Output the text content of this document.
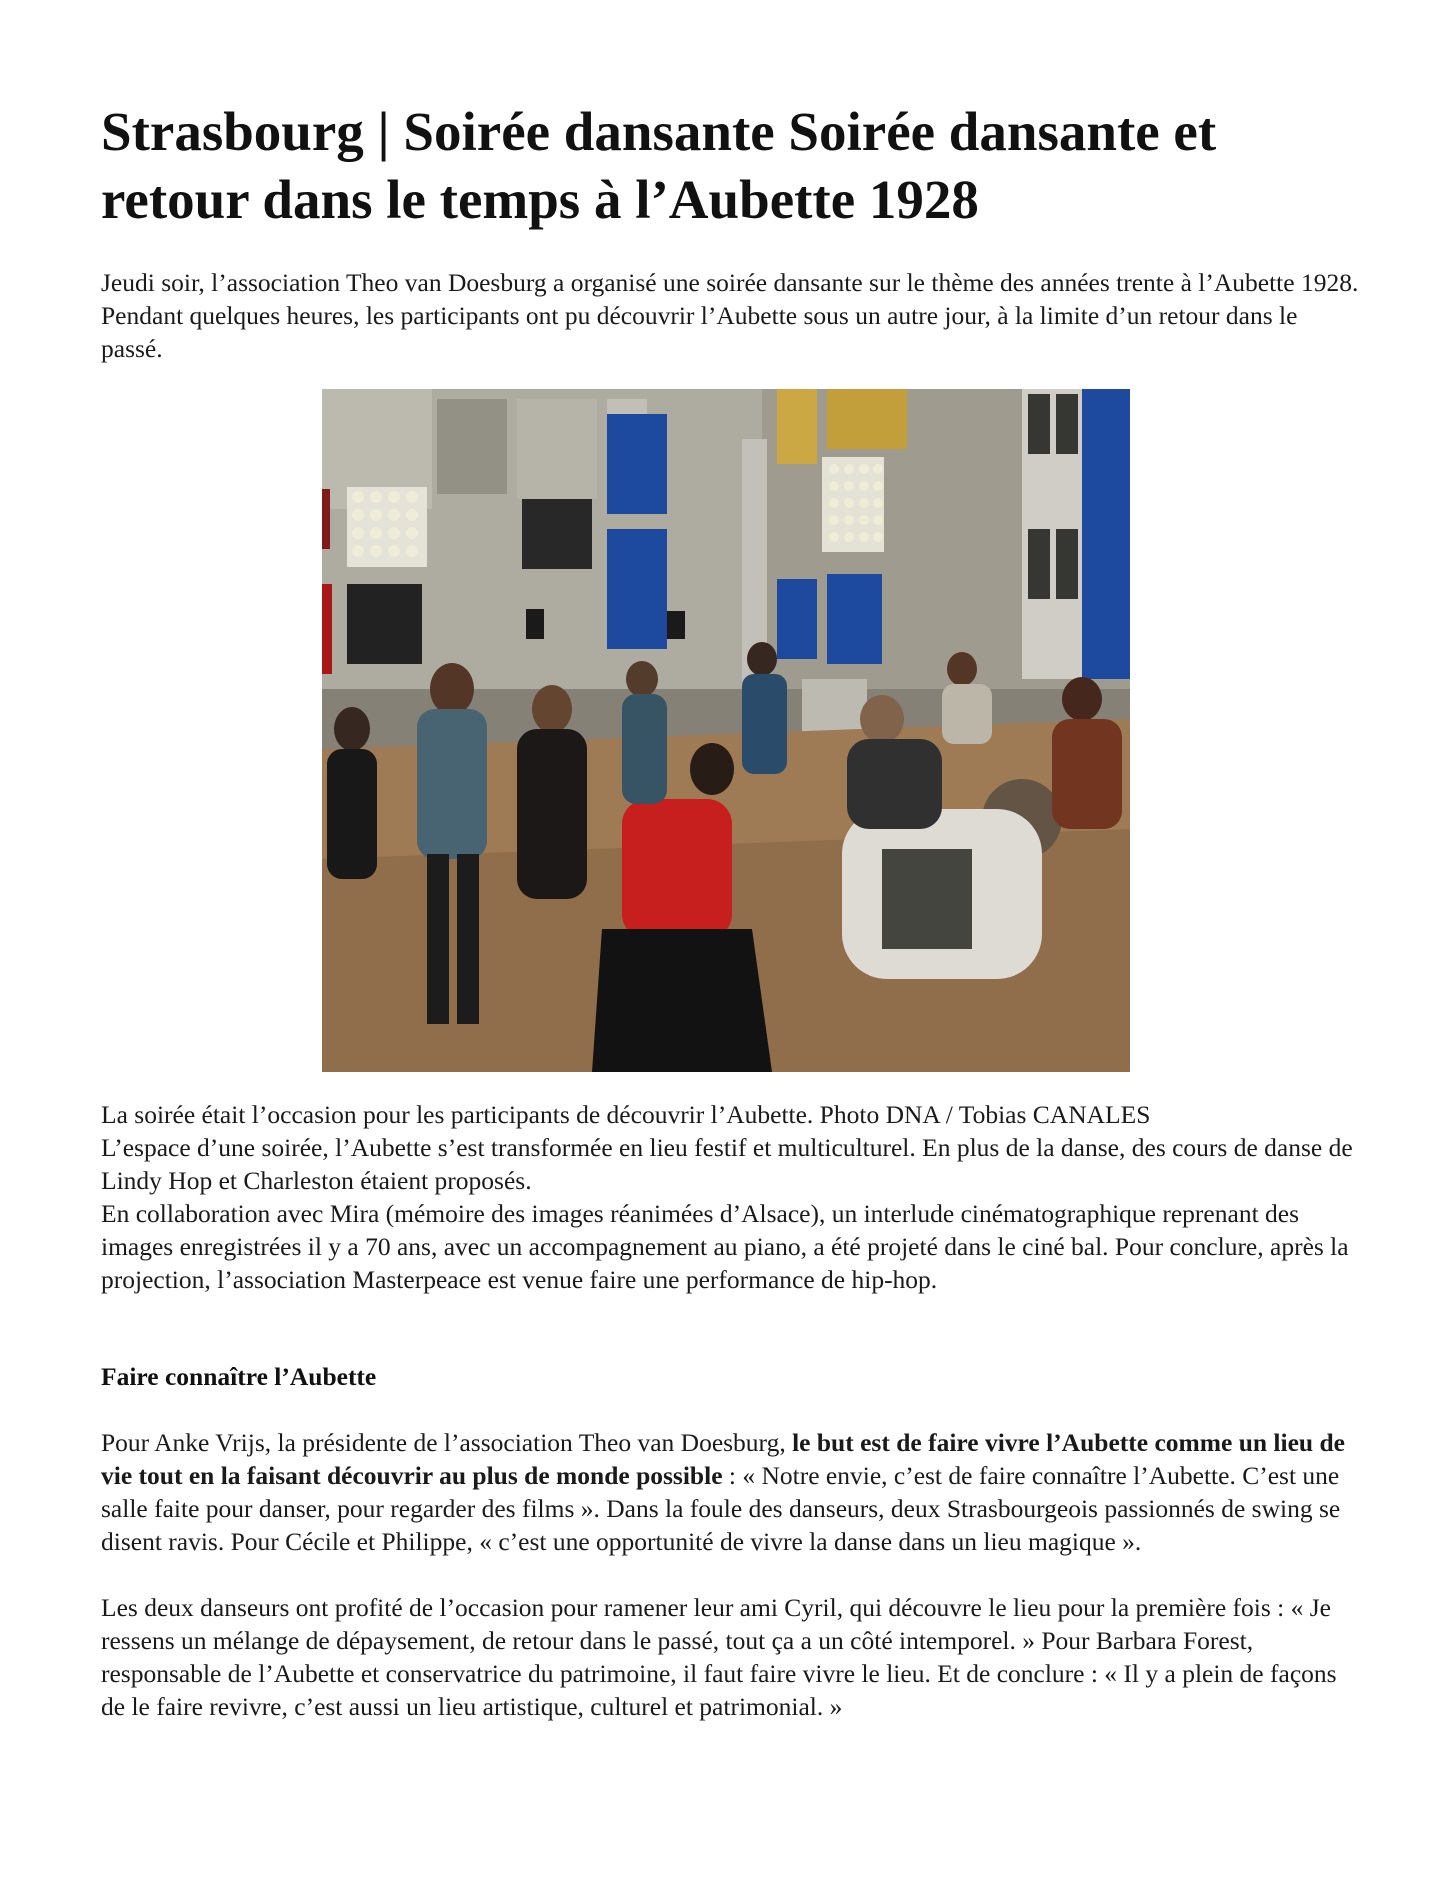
Strasbourg | Soirée dansante Soirée dansante et retour dans le temps à l’Aubette 1928

Jeudi soir, l’association Theo van Doesburg a organisé une soirée dansante sur le thème des années trente à l’Aubette 1928. Pendant quelques heures, les participants ont pu découvrir l’Aubette sous un autre jour, à la limite d’un retour dans le passé.

La soirée était l’occasion pour les participants de découvrir l’Aubette. Photo DNA / Tobias CANALES

L’espace d’une soirée, l’Aubette s’est transformée en lieu festif et multiculturel. En plus de la danse, des cours de danse de Lindy Hop et Charleston étaient proposés.

En collaboration avec Mira (mémoire des images réanimées d’Alsace), un interlude cinématographique reprenant des images enregistrées il y a 70 ans, avec un accompagnement au piano, a été projeté dans le ciné bal. Pour conclure, après la projection, l’association Masterpeace est venue faire une performance de hip-hop.

Faire connaître l’Aubette

Pour Anke Vrijs, la présidente de l’association Theo van Doesburg, le but est de faire vivre l’Aubette comme un lieu de vie tout en la faisant découvrir au plus de monde possible : « Notre envie, c’est de faire connaître l’Aubette. C’est une salle faite pour danser, pour regarder des films ». Dans la foule des danseurs, deux Strasbourgeois passionnés de swing se disent ravis. Pour Cécile et Philippe, « c’est une opportunité de vivre la danse dans un lieu magique ».

Les deux danseurs ont profité de l’occasion pour ramener leur ami Cyril, qui découvre le lieu pour la première fois : « Je ressens un mélange de dépaysement, de retour dans le passé, tout ça a un côté intemporel. » Pour Barbara Forest, responsable de l’Aubette et conservatrice du patrimoine, il faut faire vivre le lieu. Et de conclure : « Il y a plein de façons de le faire revivre, c’est aussi un lieu artistique, culturel et patrimonial. »
